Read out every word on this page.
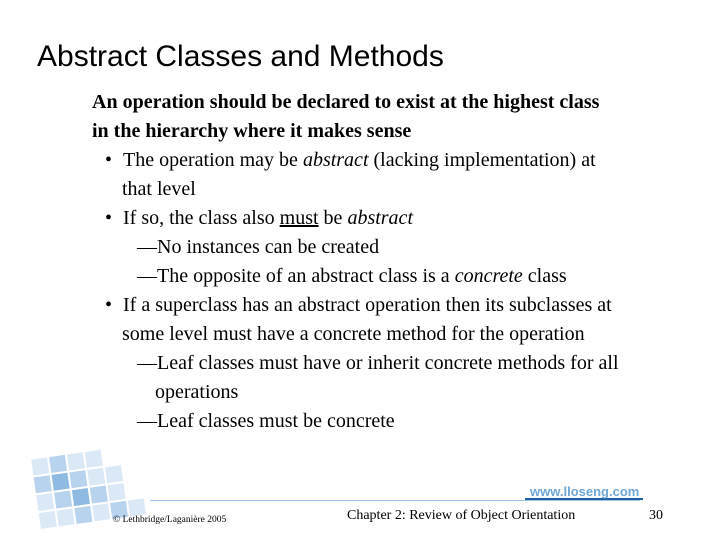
Abstract Classes and Methods
An operation should be declared to exist at the highest class
in the hierarchy where it makes sense
• The operation may be abstract (lacking implementation) at
that level
• If so, the class also must be abstract
—No instances can be created
—The opposite of an abstract class is a concrete class
• If a superclass has an abstract operation then its subclasses at
some level must have a concrete method for the operation
—Leaf classes must have or inherit concrete methods for all
operations
—Leaf classes must be concrete
www.lloseng.com
© Lethbridge/Laganière 2005	Chapter 2: Review of Object Orientation	30
